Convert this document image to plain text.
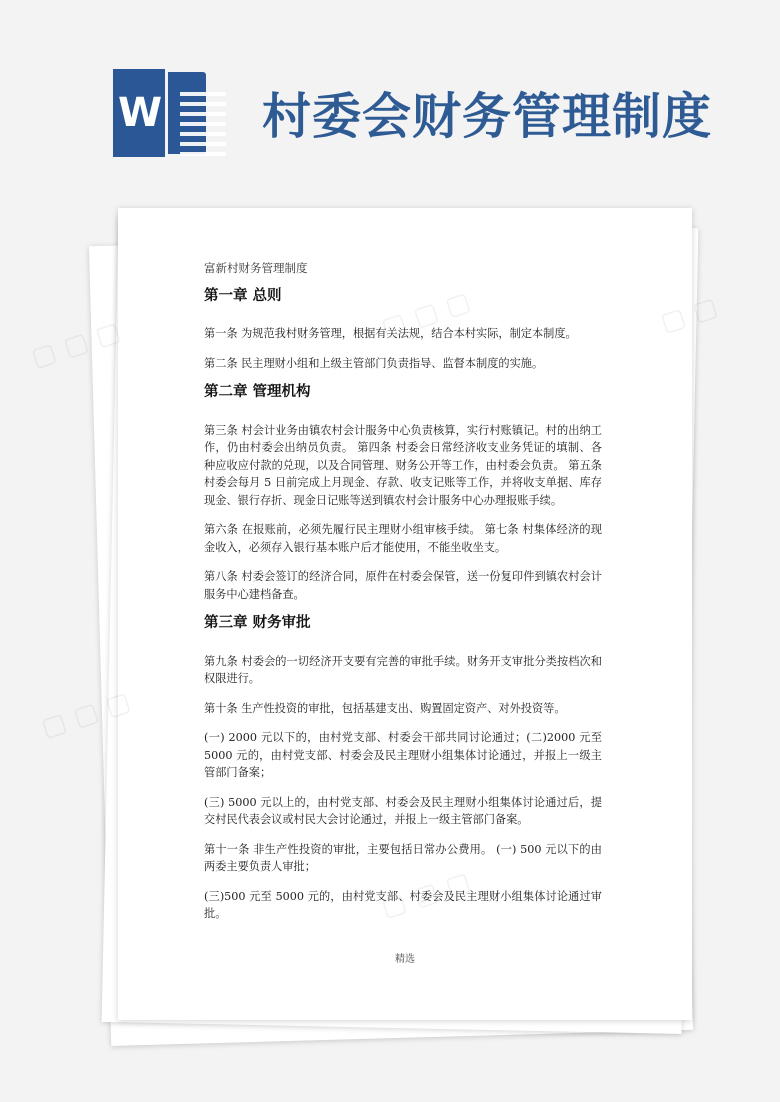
W 村委会财务管理制度
富新村财务管理制度
第一章 总则

第一条 为规范我村财务管理，根据有关法规，结合本村实际，制定本制度。

第二条 民主理财小组和上级主管部门负责指导、监督本制度的实施。

第二章 管理机构

第三条 村会计业务由镇农村会计服务中心负责核算，实行村账镇记。村的出纳工作，仍由村委会出纳员负责。 第四条 村委会日常经济收支业务凭证的填制、各种应收应付款的兑现，以及合同管理、财务公开等工作，由村委会负责。 第五条 村委会每月 5 日前完成上月现金、存款、收支记账等工作，并将收支单据、库存现金、银行存折、现金日记账等送到镇农村会计服务中心办理报账手续。

第六条 在报账前，必须先履行民主理财小组审核手续。 第七条 村集体经济的现金收入，必须存入银行基本账户后才能使用，不能坐收坐支。

第八条 村委会签订的经济合同，原件在村委会保管，送一份复印件到镇农村会计服务中心建档备查。

第三章 财务审批

第九条 村委会的一切经济开支要有完善的审批手续。财务开支审批分类按档次和权限进行。

第十条 生产性投资的审批，包括基建支出、购置固定资产、对外投资等。

(一) 2000 元以下的，由村党支部、村委会干部共同讨论通过；(二)2000 元至 5000 元的，由村党支部、村委会及民主理财小组集体讨论通过，并报上一级主管部门备案；

(三) 5000 元以上的，由村党支部、村委会及民主理财小组集体讨论通过后，提交村民代表会议或村民大会讨论通过，并报上一级主管部门备案。

第十一条 非生产性投资的审批，主要包括日常办公费用。 (一) 500 元以下的由两委主要负责人审批；

(三)500 元至 5000 元的，由村党支部、村委会及民主理财小组集体讨论通过审批。

精选
▢ ▢ ▢
▢
▢ ▢ ▢
